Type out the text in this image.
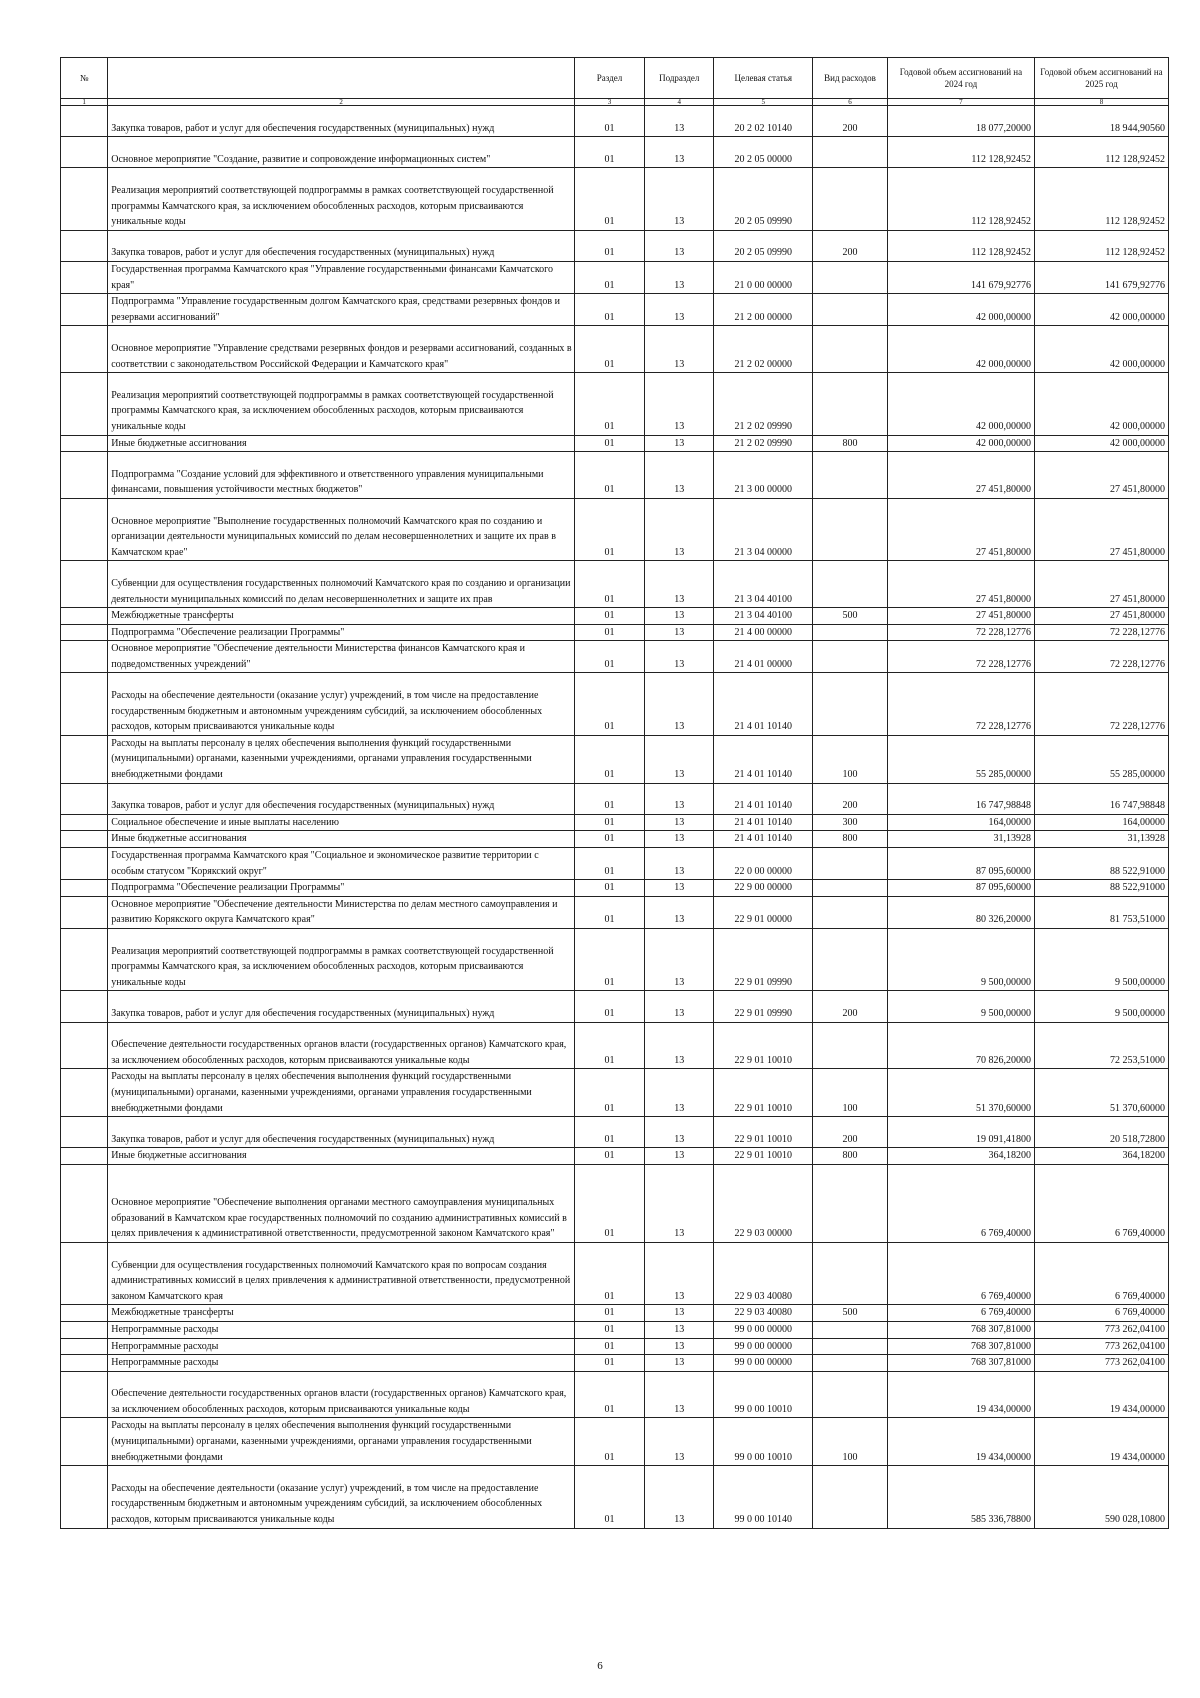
№		Раздел	Подраздел	Целевая статья	Вид расходов	Годовой объем ассигнований на 2024 год	Годовой объем ассигнований на 2025 год
1	2	3	4	5	6	7	8
	Закупка товаров, работ и услуг для обеспечения государственных (муниципальных) нужд	01	13	20 2 02 10140	200	18 077,20000	18 944,90560
	Основное мероприятие "Создание, развитие и сопровождение информационных систем"	01	13	20 2 05 00000		112 128,92452	112 128,92452
	Реализация мероприятий соответствующей подпрограммы в рамках соответствующей государственной программы Камчатского края, за исключением обособленных расходов, которым присваиваются уникальные коды	01	13	20 2 05 09990		112 128,92452	112 128,92452
	Закупка товаров, работ и услуг для обеспечения государственных (муниципальных) нужд	01	13	20 2 05 09990	200	112 128,92452	112 128,92452
	Государственная программа Камчатского края "Управление государственными финансами Камчатского края"	01	13	21 0 00 00000		141 679,92776	141 679,92776
	Подпрограмма "Управление государственным долгом Камчатского края, средствами резервных фондов и резервами ассигнований"	01	13	21 2 00 00000		42 000,00000	42 000,00000
	Основное мероприятие "Управление средствами резервных фондов и резервами ассигнований, созданных в соответствии с законодательством Российской Федерации и Камчатского края"	01	13	21 2 02 00000		42 000,00000	42 000,00000
	Реализация мероприятий соответствующей подпрограммы в рамках соответствующей государственной программы Камчатского края, за исключением обособленных расходов, которым присваиваются уникальные коды	01	13	21 2 02 09990		42 000,00000	42 000,00000
	Иные бюджетные ассигнования	01	13	21 2 02 09990	800	42 000,00000	42 000,00000
	Подпрограмма "Создание условий для эффективного и ответственного управления муниципальными финансами, повышения устойчивости местных бюджетов"	01	13	21 3 00 00000		27 451,80000	27 451,80000
	Основное мероприятие "Выполнение государственных полномочий Камчатского края по созданию и организации деятельности муниципальных комиссий по делам несовершеннолетних и защите их прав в Камчатском крае"	01	13	21 3 04 00000		27 451,80000	27 451,80000
	Субвенции для осуществления государственных полномочий Камчатского края по созданию и организации деятельности муниципальных комиссий по делам несовершеннолетних и защите их прав	01	13	21 3 04 40100		27 451,80000	27 451,80000
	Межбюджетные трансферты	01	13	21 3 04 40100	500	27 451,80000	27 451,80000
	Подпрограмма "Обеспечение реализации Программы"	01	13	21 4 00 00000		72 228,12776	72 228,12776
	Основное мероприятие "Обеспечение деятельности Министерства финансов Камчатского края и подведомственных учреждений"	01	13	21 4 01 00000		72 228,12776	72 228,12776
	Расходы на обеспечение деятельности (оказание услуг) учреждений, в том числе на предоставление государственным бюджетным и автономным учреждениям субсидий, за исключением обособленных расходов, которым присваиваются уникальные коды	01	13	21 4 01 10140		72 228,12776	72 228,12776
	Расходы на выплаты персоналу в целях обеспечения выполнения функций государственными (муниципальными) органами, казенными учреждениями, органами управления государственными внебюджетными фондами	01	13	21 4 01 10140	100	55 285,00000	55 285,00000
	Закупка товаров, работ и услуг для обеспечения государственных (муниципальных) нужд	01	13	21 4 01 10140	200	16 747,98848	16 747,98848
	Социальное обеспечение и иные выплаты населению	01	13	21 4 01 10140	300	164,00000	164,00000
	Иные бюджетные ассигнования	01	13	21 4 01 10140	800	31,13928	31,13928
	Государственная программа Камчатского края "Социальное и экономическое развитие территории с особым статусом "Корякский округ"	01	13	22 0 00 00000		87 095,60000	88 522,91000
	Подпрограмма "Обеспечение реализации Программы"	01	13	22 9 00 00000		87 095,60000	88 522,91000
	Основное мероприятие "Обеспечение деятельности Министерства по делам местного самоуправления и развитию Корякского округа Камчатского края"	01	13	22 9 01 00000		80 326,20000	81 753,51000
	Реализация мероприятий соответствующей подпрограммы в рамках соответствующей государственной программы Камчатского края, за исключением обособленных расходов, которым присваиваются уникальные коды	01	13	22 9 01 09990		9 500,00000	9 500,00000
	Закупка товаров, работ и услуг для обеспечения государственных (муниципальных) нужд	01	13	22 9 01 09990	200	9 500,00000	9 500,00000
	Обеспечение деятельности государственных органов власти (государственных органов) Камчатского края, за исключением обособленных расходов, которым присваиваются уникальные коды	01	13	22 9 01 10010		70 826,20000	72 253,51000
	Расходы на выплаты персоналу в целях обеспечения выполнения функций государственными (муниципальными) органами, казенными учреждениями, органами управления государственными внебюджетными фондами	01	13	22 9 01 10010	100	51 370,60000	51 370,60000
	Закупка товаров, работ и услуг для обеспечения государственных (муниципальных) нужд	01	13	22 9 01 10010	200	19 091,41800	20 518,72800
	Иные бюджетные ассигнования	01	13	22 9 01 10010	800	364,18200	364,18200
	Основное мероприятие "Обеспечение выполнения органами местного самоуправления муниципальных образований в Камчатском крае государственных полномочий по созданию административных комиссий в целях привлечения к административной ответственности, предусмотренной законом Камчатского края"	01	13	22 9 03 00000		6 769,40000	6 769,40000
	Субвенции для осуществления государственных полномочий Камчатского края по вопросам создания административных комиссий в целях привлечения к административной ответственности, предусмотренной законом Камчатского края	01	13	22 9 03 40080		6 769,40000	6 769,40000
	Межбюджетные трансферты	01	13	22 9 03 40080	500	6 769,40000	6 769,40000
	Непрограммные расходы	01	13	99 0 00 00000		768 307,81000	773 262,04100
	Непрограммные расходы	01	13	99 0 00 00000		768 307,81000	773 262,04100
	Непрограммные расходы	01	13	99 0 00 00000		768 307,81000	773 262,04100
	Обеспечение деятельности государственных органов власти (государственных органов) Камчатского края, за исключением обособленных расходов, которым присваиваются уникальные коды	01	13	99 0 00 10010		19 434,00000	19 434,00000
	Расходы на выплаты персоналу в целях обеспечения выполнения функций государственными (муниципальными) органами, казенными учреждениями, органами управления государственными внебюджетными фондами	01	13	99 0 00 10010	100	19 434,00000	19 434,00000
	Расходы на обеспечение деятельности (оказание услуг) учреждений, в том числе на предоставление государственным бюджетным и автономным учреждениям субсидий, за исключением обособленных расходов, которым присваиваются уникальные коды	01	13	99 0 00 10140		585 336,78800	590 028,10800
6
